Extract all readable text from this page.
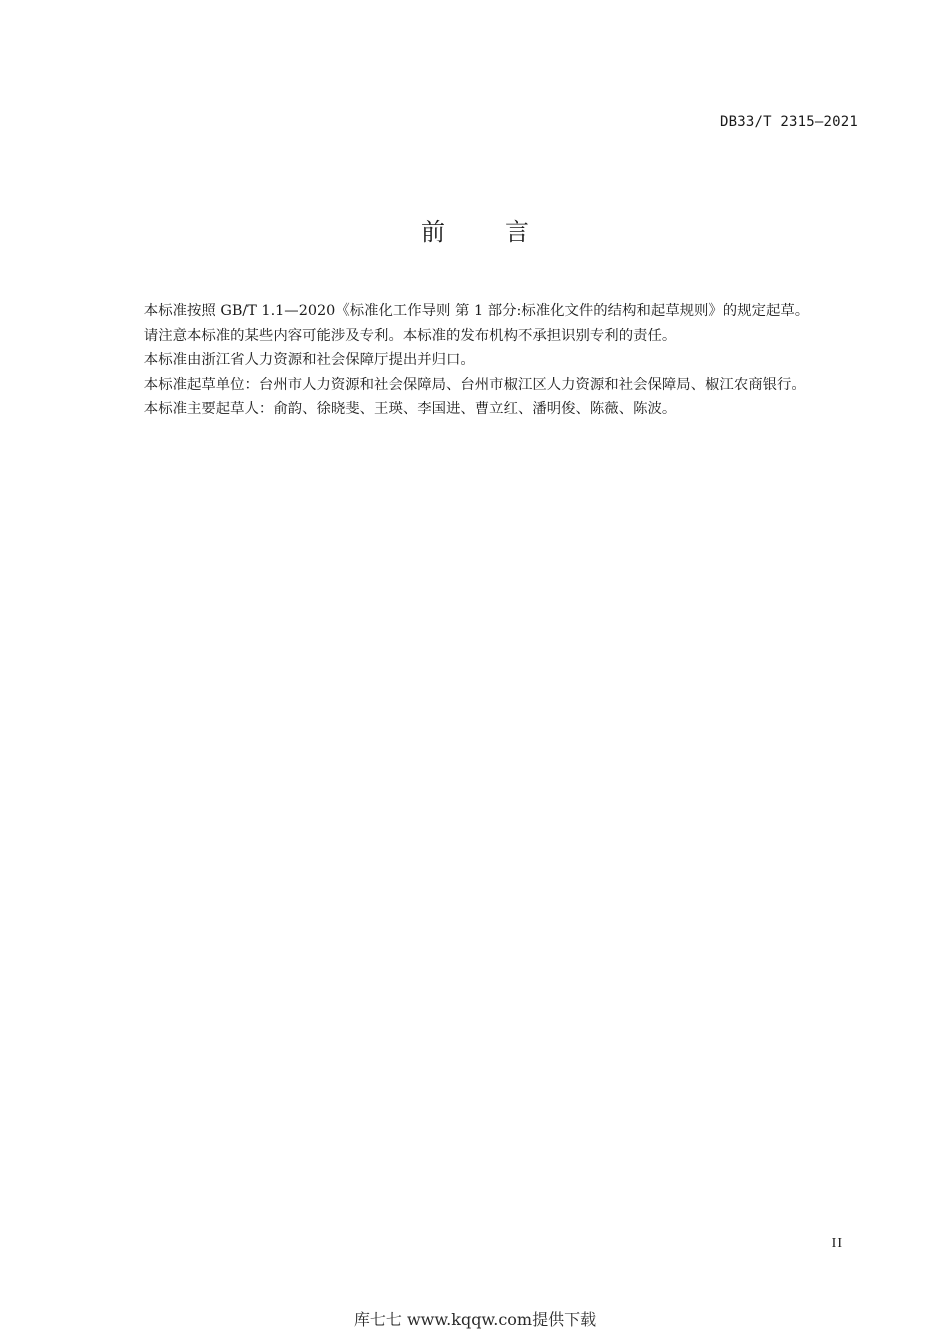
DB33/T 2315—2021
前言

本标准按照 GB/T 1.1—2020《标准化工作导则 第 1 部分:标准化文件的结构和起草规则》的规定起草。

请注意本标准的某些内容可能涉及专利。本标准的发布机构不承担识别专利的责任。

本标准由浙江省人力资源和社会保障厅提出并归口。

本标准起草单位：台州市人力资源和社会保障局、台州市椒江区人力资源和社会保障局、椒江农商银行。

本标准主要起草人：俞韵、徐晓斐、王瑛、李国进、曹立红、潘明俊、陈薇、陈波。

II
库七七 www.kqqw.com提供下载
